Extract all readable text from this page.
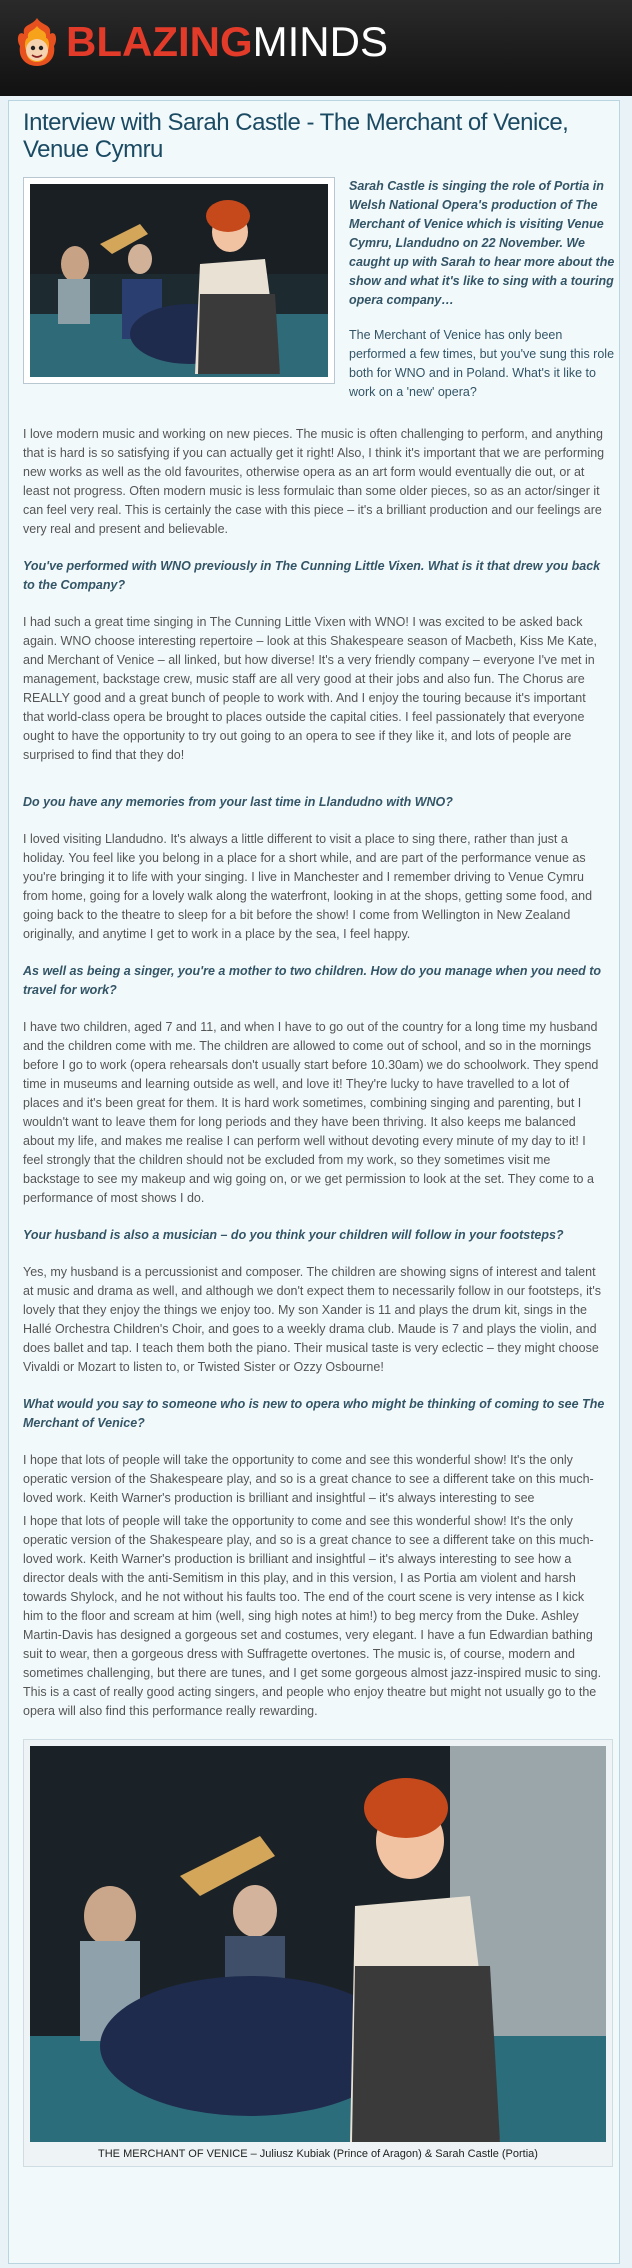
BLAZINGMINDS
Interview with Sarah Castle - The Merchant of Venice, Venue Cymru

Sarah Castle is singing the role of Portia in Welsh National Opera's production of The Merchant of Venice which is visiting Venue Cymru, Llandudno on 22 November. We caught up with Sarah to hear more about the show and what it's like to sing with a touring opera company…

The Merchant of Venice has only been performed a few times, but you've sung this role both for WNO and in Poland. What's it like to work on a 'new' opera?

I love modern music and working on new pieces. The music is often challenging to perform, and anything that is hard is so satisfying if you can actually get it right! Also, I think it's important that we are performing new works as well as the old favourites, otherwise opera as an art form would eventually die out, or at least not progress. Often modern music is less formulaic than some older pieces, so as an actor/singer it can feel very real. This is certainly the case with this piece – it's a brilliant production and our feelings are very real and present and believable.

You've performed with WNO previously in The Cunning Little Vixen. What is it that drew you back to the Company?

I had such a great time singing in The Cunning Little Vixen with WNO! I was excited to be asked back again. WNO choose interesting repertoire – look at this Shakespeare season of Macbeth, Kiss Me Kate, and Merchant of Venice – all linked, but how diverse! It's a very friendly company – everyone I've met in management, backstage crew, music staff are all very good at their jobs and also fun. The Chorus are REALLY good and a great bunch of people to work with. And I enjoy the touring because it's important that world-class opera be brought to places outside the capital cities. I feel passionately that everyone ought to have the opportunity to try out going to an opera to see if they like it, and lots of people are surprised to find that they do!

Do you have any memories from your last time in Llandudno with WNO?

I loved visiting Llandudno. It's always a little different to visit a place to sing there, rather than just a holiday. You feel like you belong in a place for a short while, and are part of the performance venue as you're bringing it to life with your singing. I live in Manchester and I remember driving to Venue Cymru from home, going for a lovely walk along the waterfront, looking in at the shops, getting some food, and going back to the theatre to sleep for a bit before the show! I come from Wellington in New Zealand originally, and anytime I get to work in a place by the sea, I feel happy.

As well as being a singer, you're a mother to two children. How do you manage when you need to travel for work?

I have two children, aged 7 and 11, and when I have to go out of the country for a long time my husband and the children come with me. The children are allowed to come out of school, and so in the mornings before I go to work (opera rehearsals don't usually start before 10.30am) we do schoolwork. They spend time in museums and learning outside as well, and love it! They're lucky to have travelled to a lot of places and it's been great for them. It is hard work sometimes, combining singing and parenting, but I wouldn't want to leave them for long periods and they have been thriving. It also keeps me balanced about my life, and makes me realise I can perform well without devoting every minute of my day to it! I feel strongly that the children should not be excluded from my work, so they sometimes visit me backstage to see my makeup and wig going on, or we get permission to look at the set. They come to a performance of most shows I do.

Your husband is also a musician – do you think your children will follow in your footsteps?

Yes, my husband is a percussionist and composer. The children are showing signs of interest and talent at music and drama as well, and although we don't expect them to necessarily follow in our footsteps, it's lovely that they enjoy the things we enjoy too. My son Xander is 11 and plays the drum kit, sings in the Hallé Orchestra Children's Choir, and goes to a weekly drama club. Maude is 7 and plays the violin, and does ballet and tap. I teach them both the piano. Their musical taste is very eclectic – they might choose Vivaldi or Mozart to listen to, or Twisted Sister or Ozzy Osbourne!

What would you say to someone who is new to opera who might be thinking of coming to see The Merchant of Venice?

I hope that lots of people will take the opportunity to come and see this wonderful show! It's the only operatic version of the Shakespeare play, and so is a great chance to see a different take on this much-loved work. Keith Warner's production is brilliant and insightful – it's always interesting to see

I hope that lots of people will take the opportunity to come and see this wonderful show! It's the only operatic version of the Shakespeare play, and so is a great chance to see a different take on this much-loved work. Keith Warner's production is brilliant and insightful – it's always interesting to see how a director deals with the anti-Semitism in this play, and in this version, I as Portia am violent and harsh towards Shylock, and he not without his faults too. The end of the court scene is very intense as I kick him to the floor and scream at him (well, sing high notes at him!) to beg mercy from the Duke. Ashley Martin-Davis has designed a gorgeous set and costumes, very elegant. I have a fun Edwardian bathing suit to wear, then a gorgeous dress with Suffragette overtones. The music is, of course, modern and sometimes challenging, but there are tunes, and I get some gorgeous almost jazz-inspired music to sing. This is a cast of really good acting singers, and people who enjoy theatre but might not usually go to the opera will also find this performance really rewarding.

THE MERCHANT OF VENICE – Juliusz Kubiak (Prince of Aragon) & Sarah Castle (Portia)
